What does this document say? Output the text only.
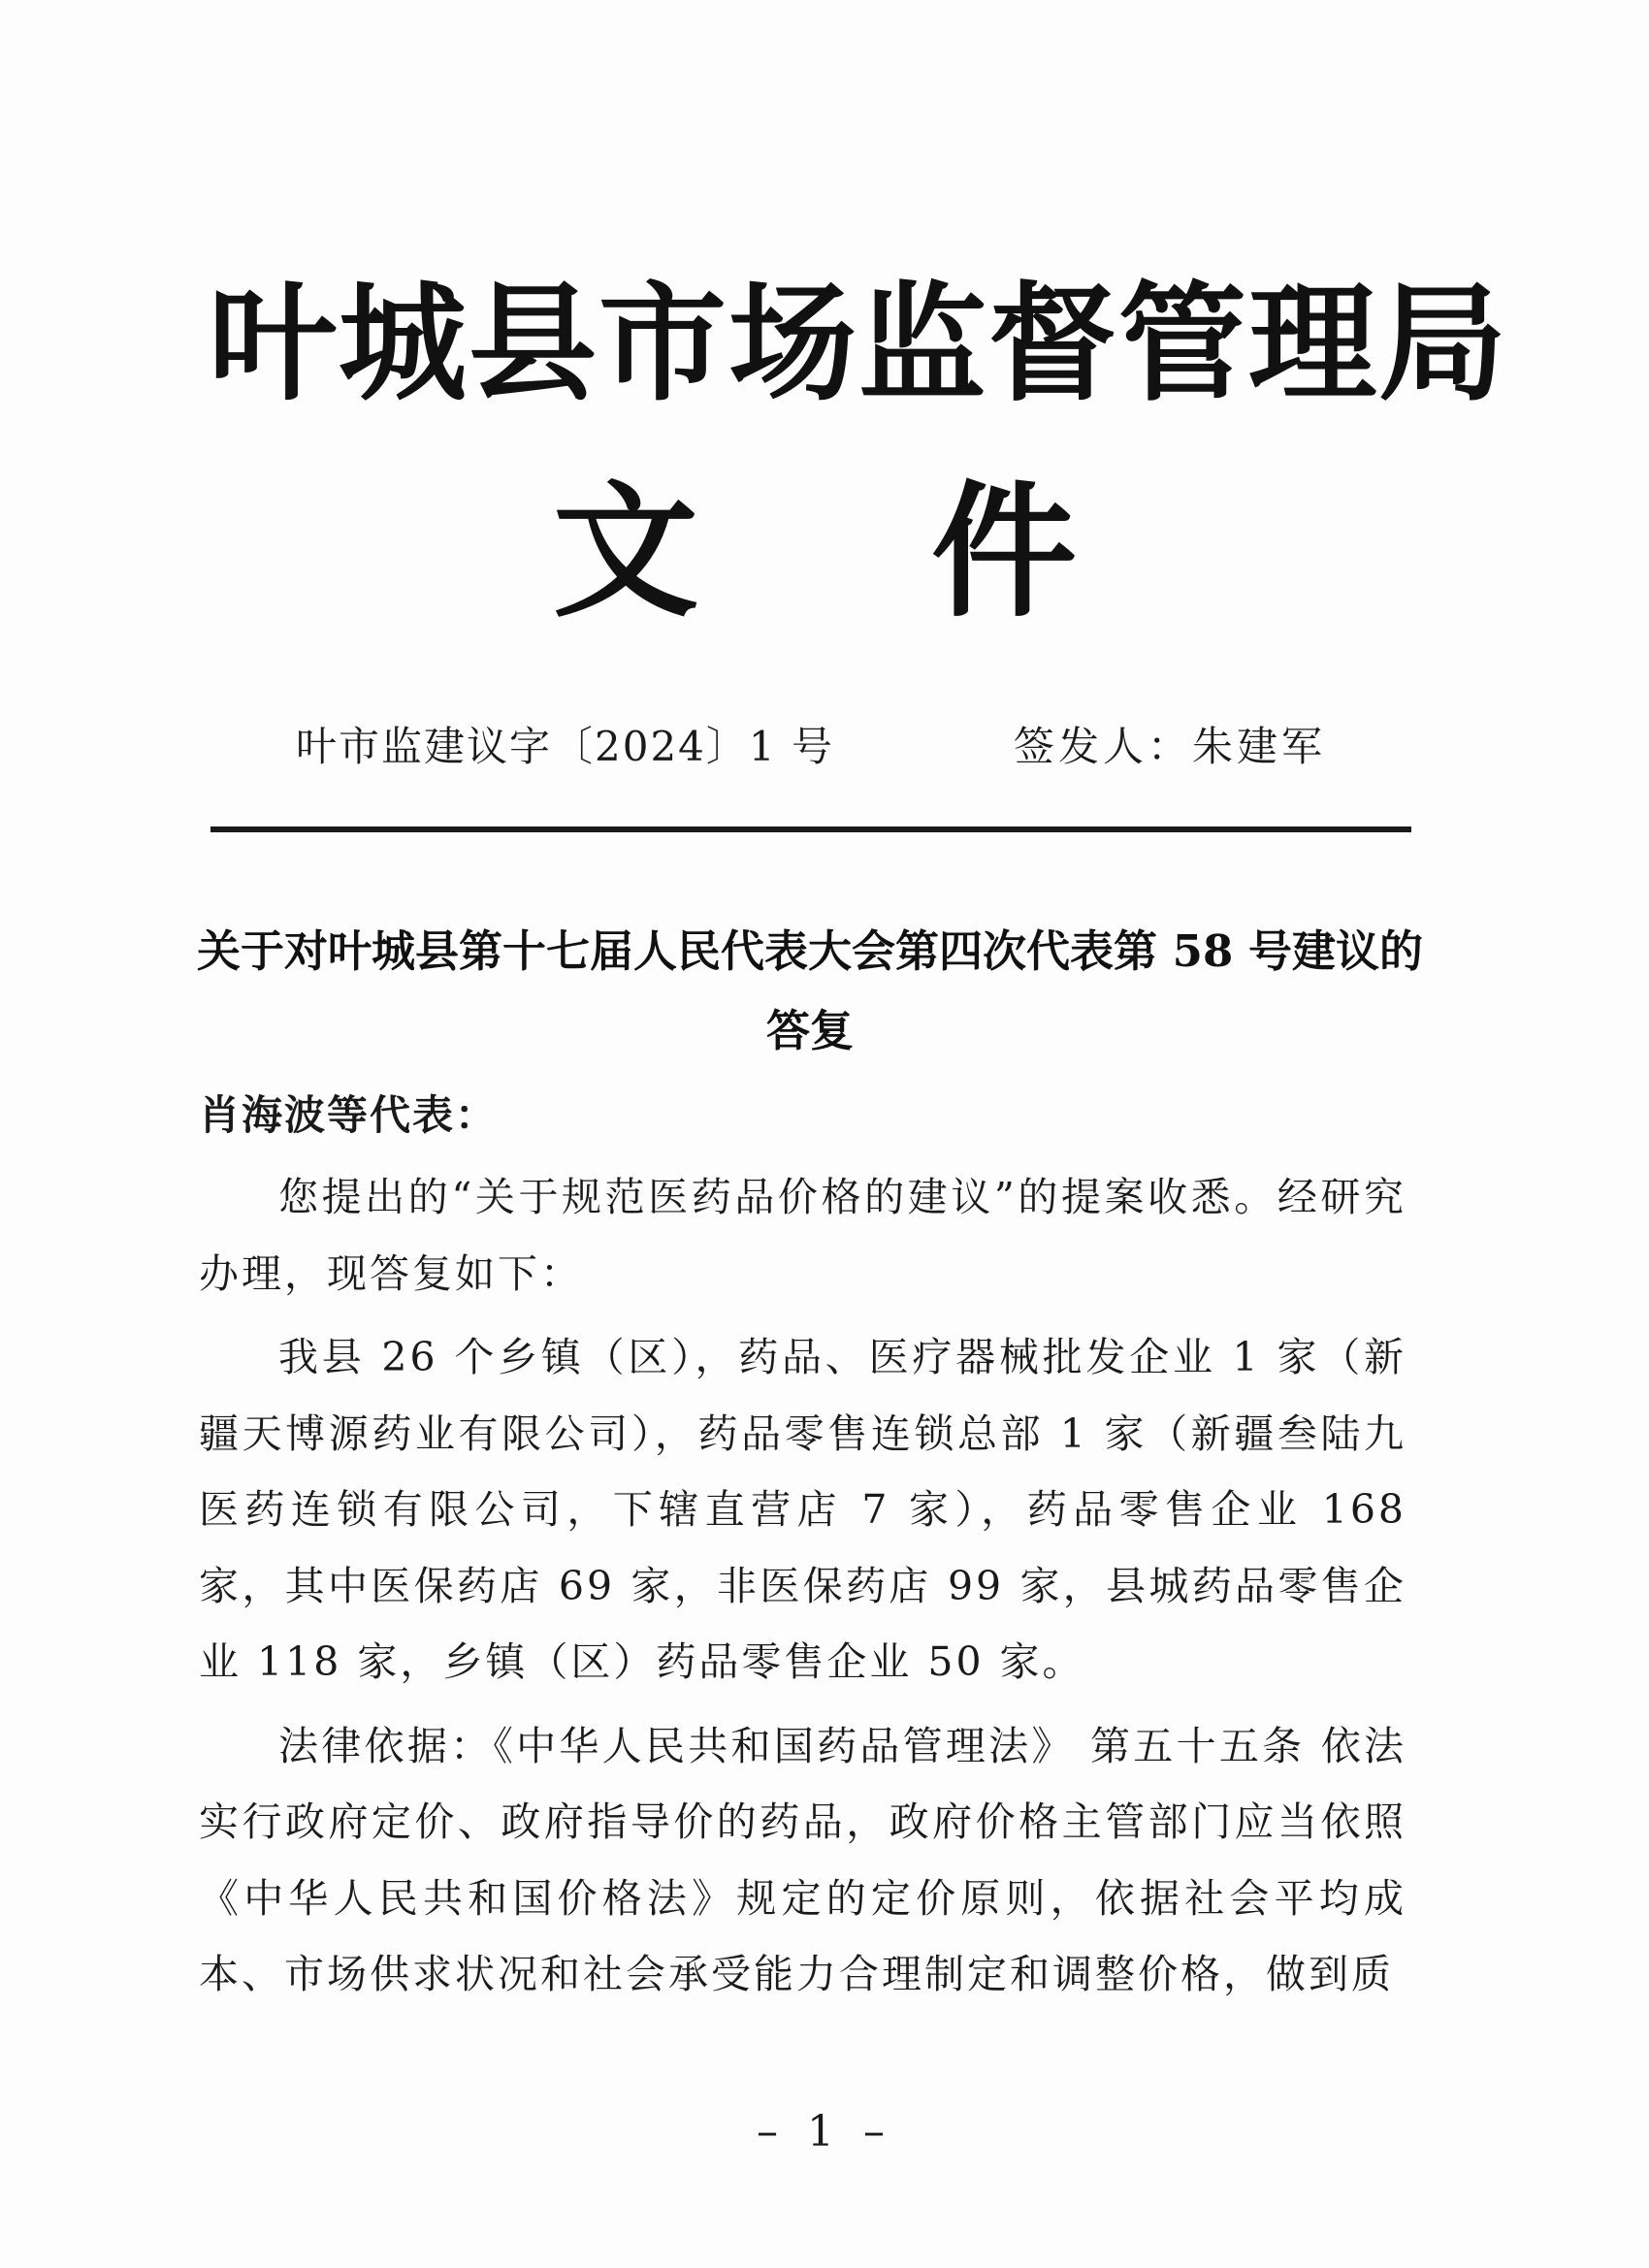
叶城县市场监督管理局
文 件
叶市监建议字〔2024〕1 号	签发人：朱建军
关于对叶城县第十七届人民代表大会第四次代表第 58 号建议的答复
肖海波等代表：

您提出的“关于规范医药品价格的建议”的提案收悉。经研究办理，现答复如下：

我县 26 个乡镇（区），药品、医疗器械批发企业 1 家（新疆天博源药业有限公司），药品零售连锁总部 1 家（新疆叁陆九医药连锁有限公司，下辖直营店 7 家），药品零售企业 168 家，其中医保药店 69 家，非医保药店 99 家，县城药品零售企业 118 家，乡镇（区）药品零售企业 50 家。

法律依据：《中华人民共和国药品管理法》 第五十五条 依法实行政府定价、政府指导价的药品，政府价格主管部门应当依照《中华人民共和国价格法》规定的定价原则，依据社会平均成本、市场供求状况和社会承受能力合理制定和调整价格，做到质

– 1 –
